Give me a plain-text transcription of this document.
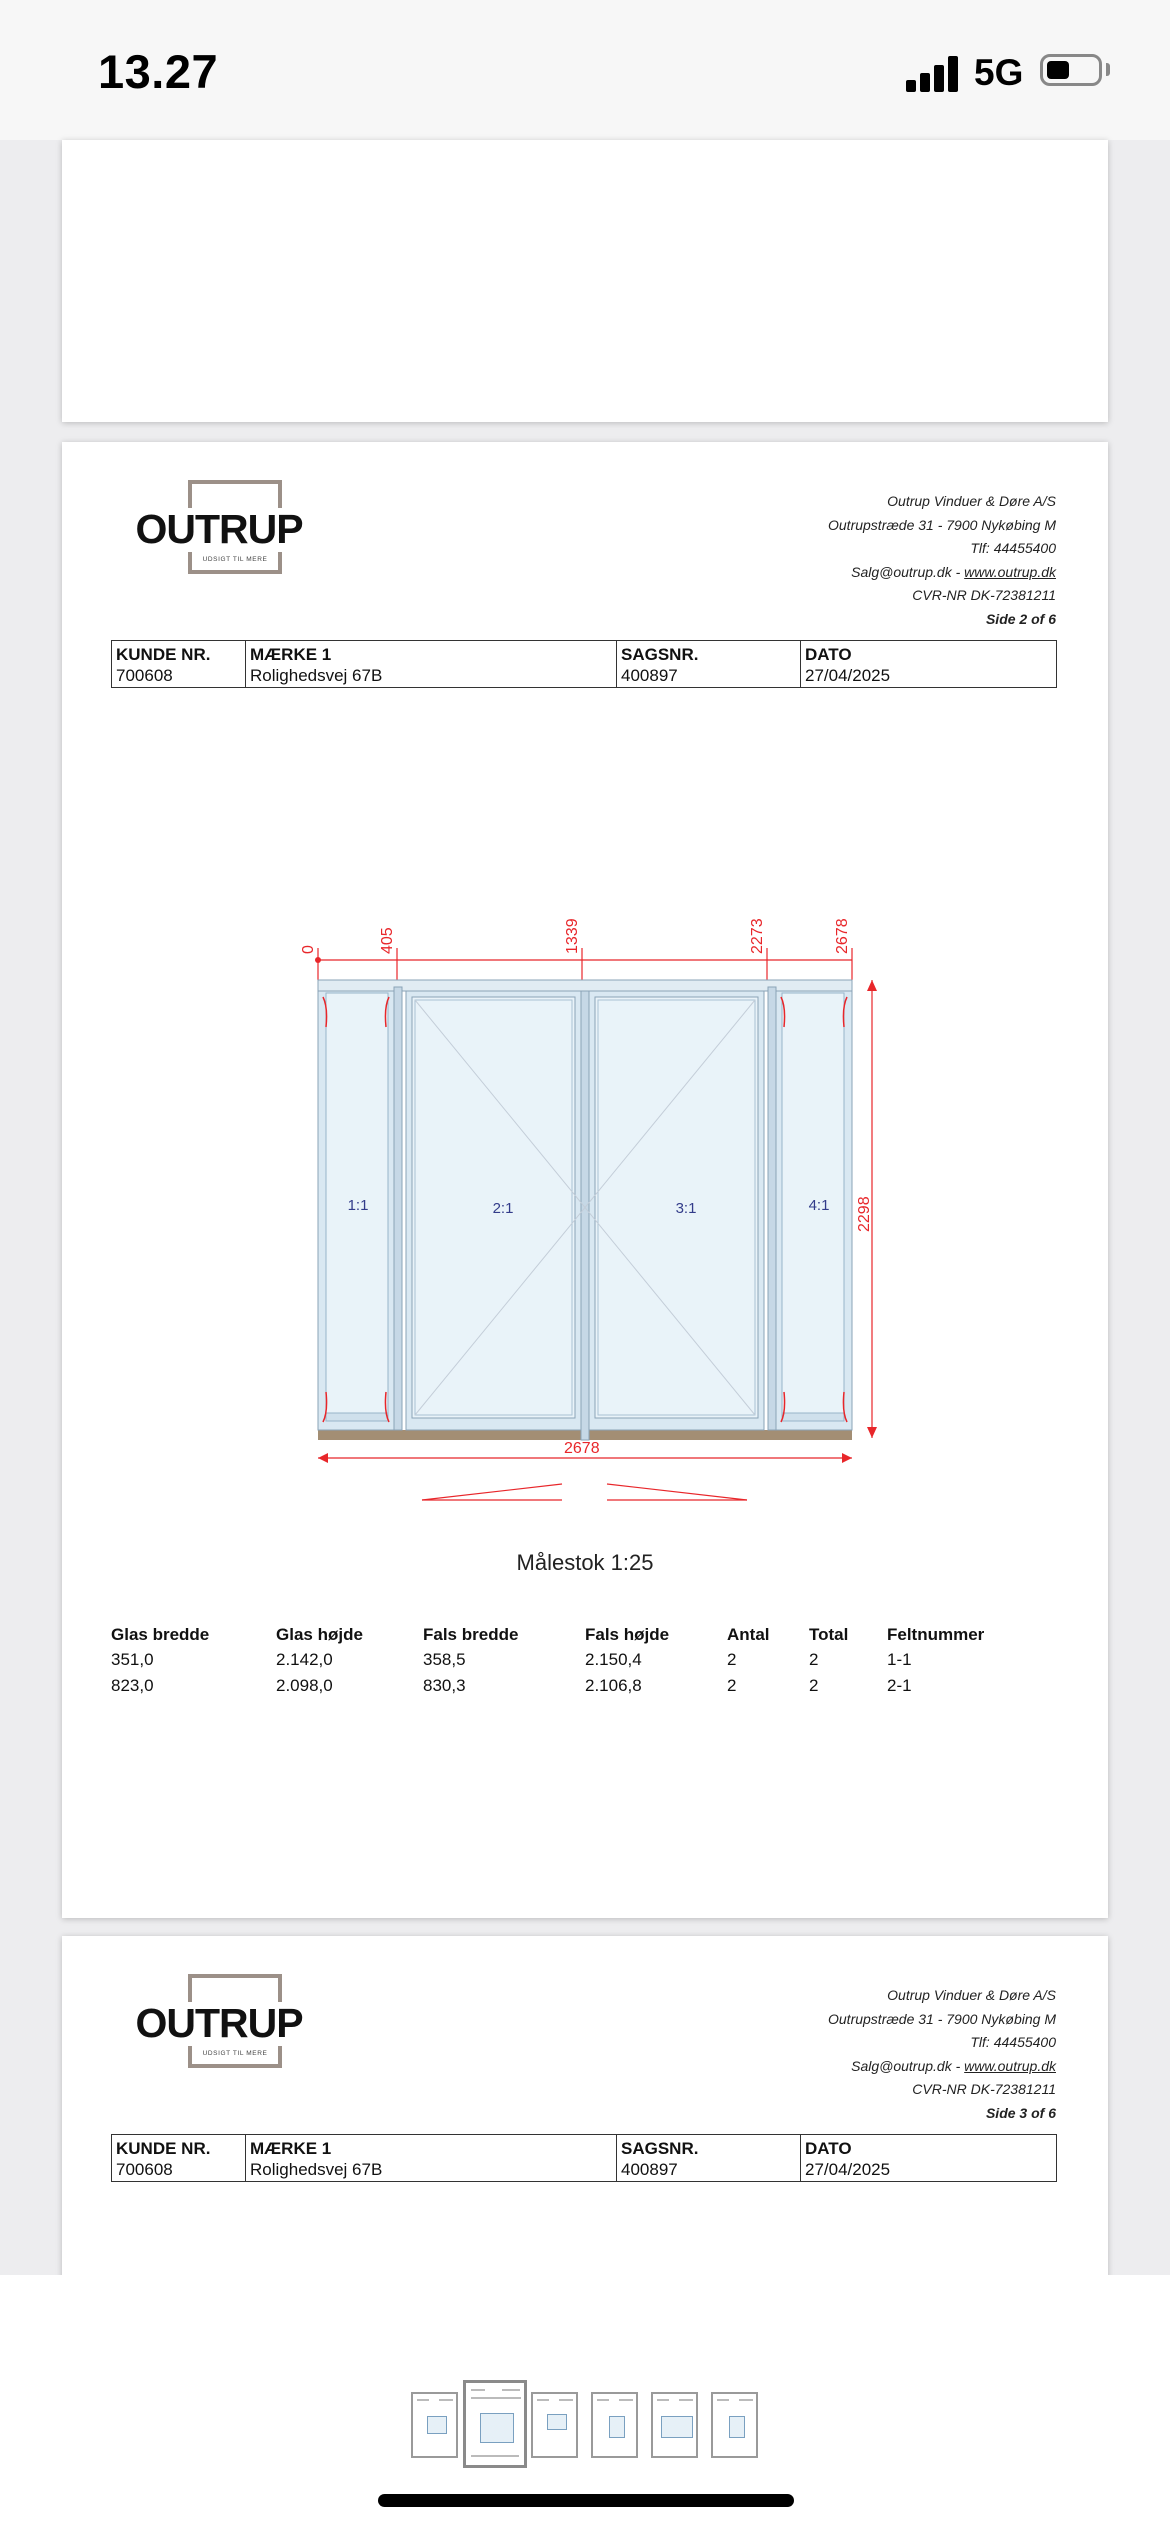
13.27	5G
OUTRUP
UDSIGT TIL MERE
Outrup Vinduer & Døre A/S
Outrupstræde 31 - 7900 Nykøbing M
Tlf: 44455400
Salg@outrup.dk - www.outrup.dk
CVR-NR DK-72381211
Side 2 of 6
KUNDE NR.
700608

MÆRKE 1
Rolighedsvej 67B

SAGSNR.
400897

DATO
27/04/2025
0	405	1339	2273	2678
2678
2298
1:1	2:1	3:1	4:1
Målestok 1:25
Glas bredde	Glas højde	Fals bredde	Fals højde	Antal	Total	Feltnummer
351,0	2.142,0	358,5	2.150,4	2	2	1-1
823,0	2.098,0	830,3	2.106,8	2	2	2-1
OUTRUP
UDSIGT TIL MERE
Outrup Vinduer & Døre A/S
Outrupstræde 31 - 7900 Nykøbing M
Tlf: 44455400
Salg@outrup.dk - www.outrup.dk
CVR-NR DK-72381211
Side 3 of 6
KUNDE NR.
700608

MÆRKE 1
Rolighedsvej 67B

SAGSNR.
400897

DATO
27/04/2025
